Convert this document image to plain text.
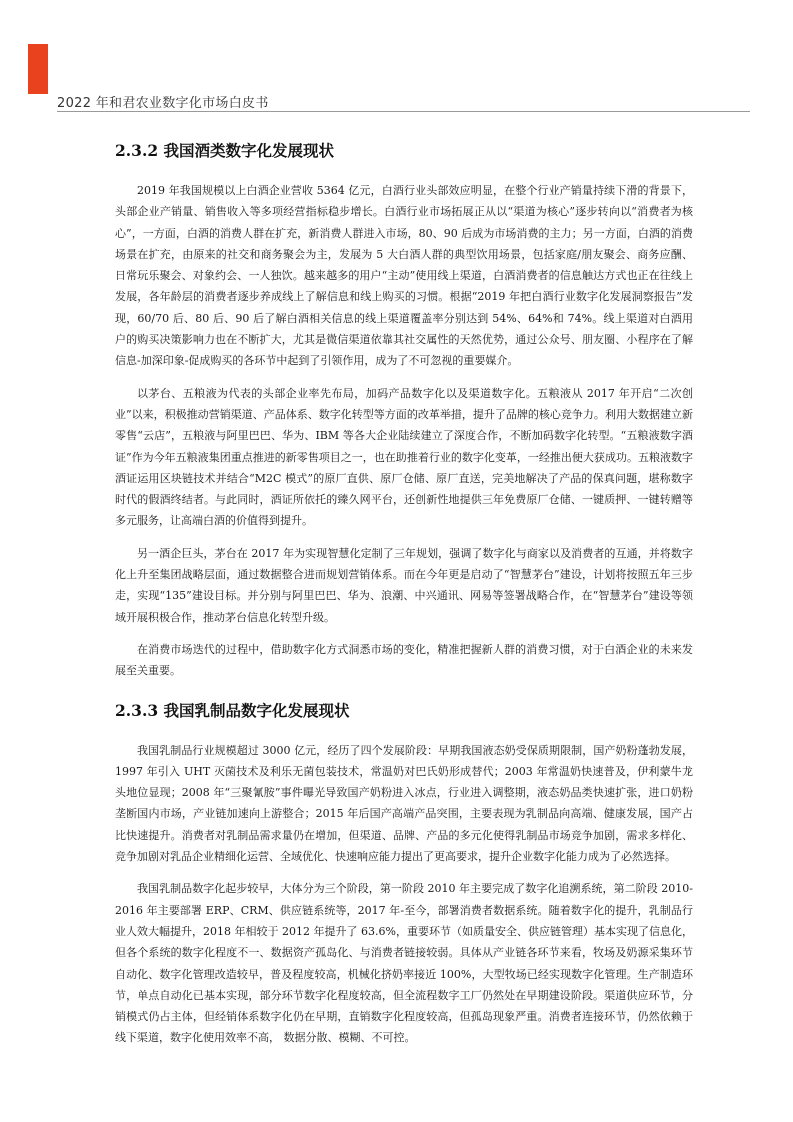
2022 年和君农业数字化市场白皮书
2.3.2 我国酒类数字化发展现状

2019 年我国规模以上白酒企业营收 5364 亿元，白酒行业头部效应明显，在整个行业产销量持续下滑的背景下，头部企业产销量、销售收入等多项经营指标稳步增长。白酒行业市场拓展正从以“渠道为核心”逐步转向以“消费者为核心”，一方面，白酒的消费人群在扩充，新消费人群进入市场，80、90 后成为市场消费的主力；另一方面，白酒的消费场景在扩充，由原来的社交和商务聚会为主，发展为 5 大白酒人群的典型饮用场景，包括家庭/朋友聚会、商务应酬、日常玩乐聚会、对象约会、一人独饮。越来越多的用户“主动”使用线上渠道，白酒消费者的信息触达方式也正在往线上发展，各年龄层的消费者逐步养成线上了解信息和线上购买的习惯。根据“2019 年把白酒行业数字化发展洞察报告”发现，60/70 后、80 后、90 后了解白酒相关信息的线上渠道覆盖率分别达到 54%、64%和 74%。线上渠道对白酒用户的购买决策影响力也在不断扩大，尤其是微信渠道依靠其社交属性的天然优势，通过公众号、朋友圈、小程序在了解信息-加深印象-促成购买的各环节中起到了引领作用，成为了不可忽视的重要媒介。

以茅台、五粮液为代表的头部企业率先布局，加码产品数字化以及渠道数字化。五粮液从 2017 年开启“二次创业”以来，积极推动营销渠道、产品体系、数字化转型等方面的改革举措，提升了品牌的核心竞争力。利用大数据建立新零售“云店”，五粮液与阿里巴巴、华为、IBM 等各大企业陆续建立了深度合作，不断加码数字化转型。“五粮液数字酒证”作为今年五粮液集团重点推进的新零售项目之一，也在助推着行业的数字化变革，一经推出便大获成功。五粮液数字酒证运用区块链技术并结合“M2C 模式”的原厂直供、原厂仓储、原厂直送，完美地解决了产品的保真问题，堪称数字时代的假酒终结者。与此同时，酒证所依托的臻久网平台，还创新性地提供三年免费原厂仓储、一键质押、一键转赠等多元服务，让高端白酒的价值得到提升。

另一酒企巨头，茅台在 2017 年为实现智慧化定制了三年规划，强调了数字化与商家以及消费者的互通，并将数字化上升至集团战略层面，通过数据整合进而规划营销体系。而在今年更是启动了“智慧茅台”建设，计划将按照五年三步走，实现“135”建设目标。并分别与阿里巴巴、华为、浪潮、中兴通讯、网易等签署战略合作，在“智慧茅台”建设等领域开展积极合作，推动茅台信息化转型升级。

在消费市场迭代的过程中，借助数字化方式洞悉市场的变化，精准把握新人群的消费习惯，对于白酒企业的未来发展至关重要。

2.3.3 我国乳制品数字化发展现状

我国乳制品行业规模超过 3000 亿元，经历了四个发展阶段：早期我国液态奶受保质期限制，国产奶粉蓬勃发展，1997 年引入 UHT 灭菌技术及利乐无菌包装技术，常温奶对巴氏奶形成替代；2003 年常温奶快速普及，伊利蒙牛龙头地位显现；2008 年“三聚氰胺”事件曝光导致国产奶粉进入冰点，行业进入调整期，液态奶品类快速扩张，进口奶粉垄断国内市场，产业链加速向上游整合；2015 年后国产高端产品突围，主要表现为乳制品向高端、健康发展，国产占比快速提升。消费者对乳制品需求量仍在增加，但渠道、品牌、产品的多元化使得乳制品市场竞争加剧，需求多样化、竞争加剧对乳品企业精细化运营、全域优化、快速响应能力提出了更高要求，提升企业数字化能力成为了必然选择。

我国乳制品数字化起步较早，大体分为三个阶段，第一阶段 2010 年主要完成了数字化追溯系统，第二阶段 2010-2016 年主要部署 ERP、CRM、供应链系统等，2017 年-至今，部署消费者数据系统。随着数字化的提升，乳制品行业人效大幅提升，2018 年相较于 2012 年提升了 63.6%，重要环节（如质量安全、供应链管理）基本实现了信息化，但各个系统的数字化程度不一、数据资产孤岛化、与消费者链接较弱。具体从产业链各环节来看，牧场及奶源采集环节自动化、数字化管理改造较早，普及程度较高，机械化挤奶率接近 100%，大型牧场已经实现数字化管理。生产制造环节，单点自动化已基本实现，部分环节数字化程度较高，但全流程数字工厂仍然处在早期建设阶段。渠道供应环节，分销模式仍占主体，但经销体系数字化仍在早期，直销数字化程度较高，但孤岛现象严重。消费者连接环节，仍然依赖于线下渠道，数字化使用效率不高， 数据分散、模糊、不可控。
